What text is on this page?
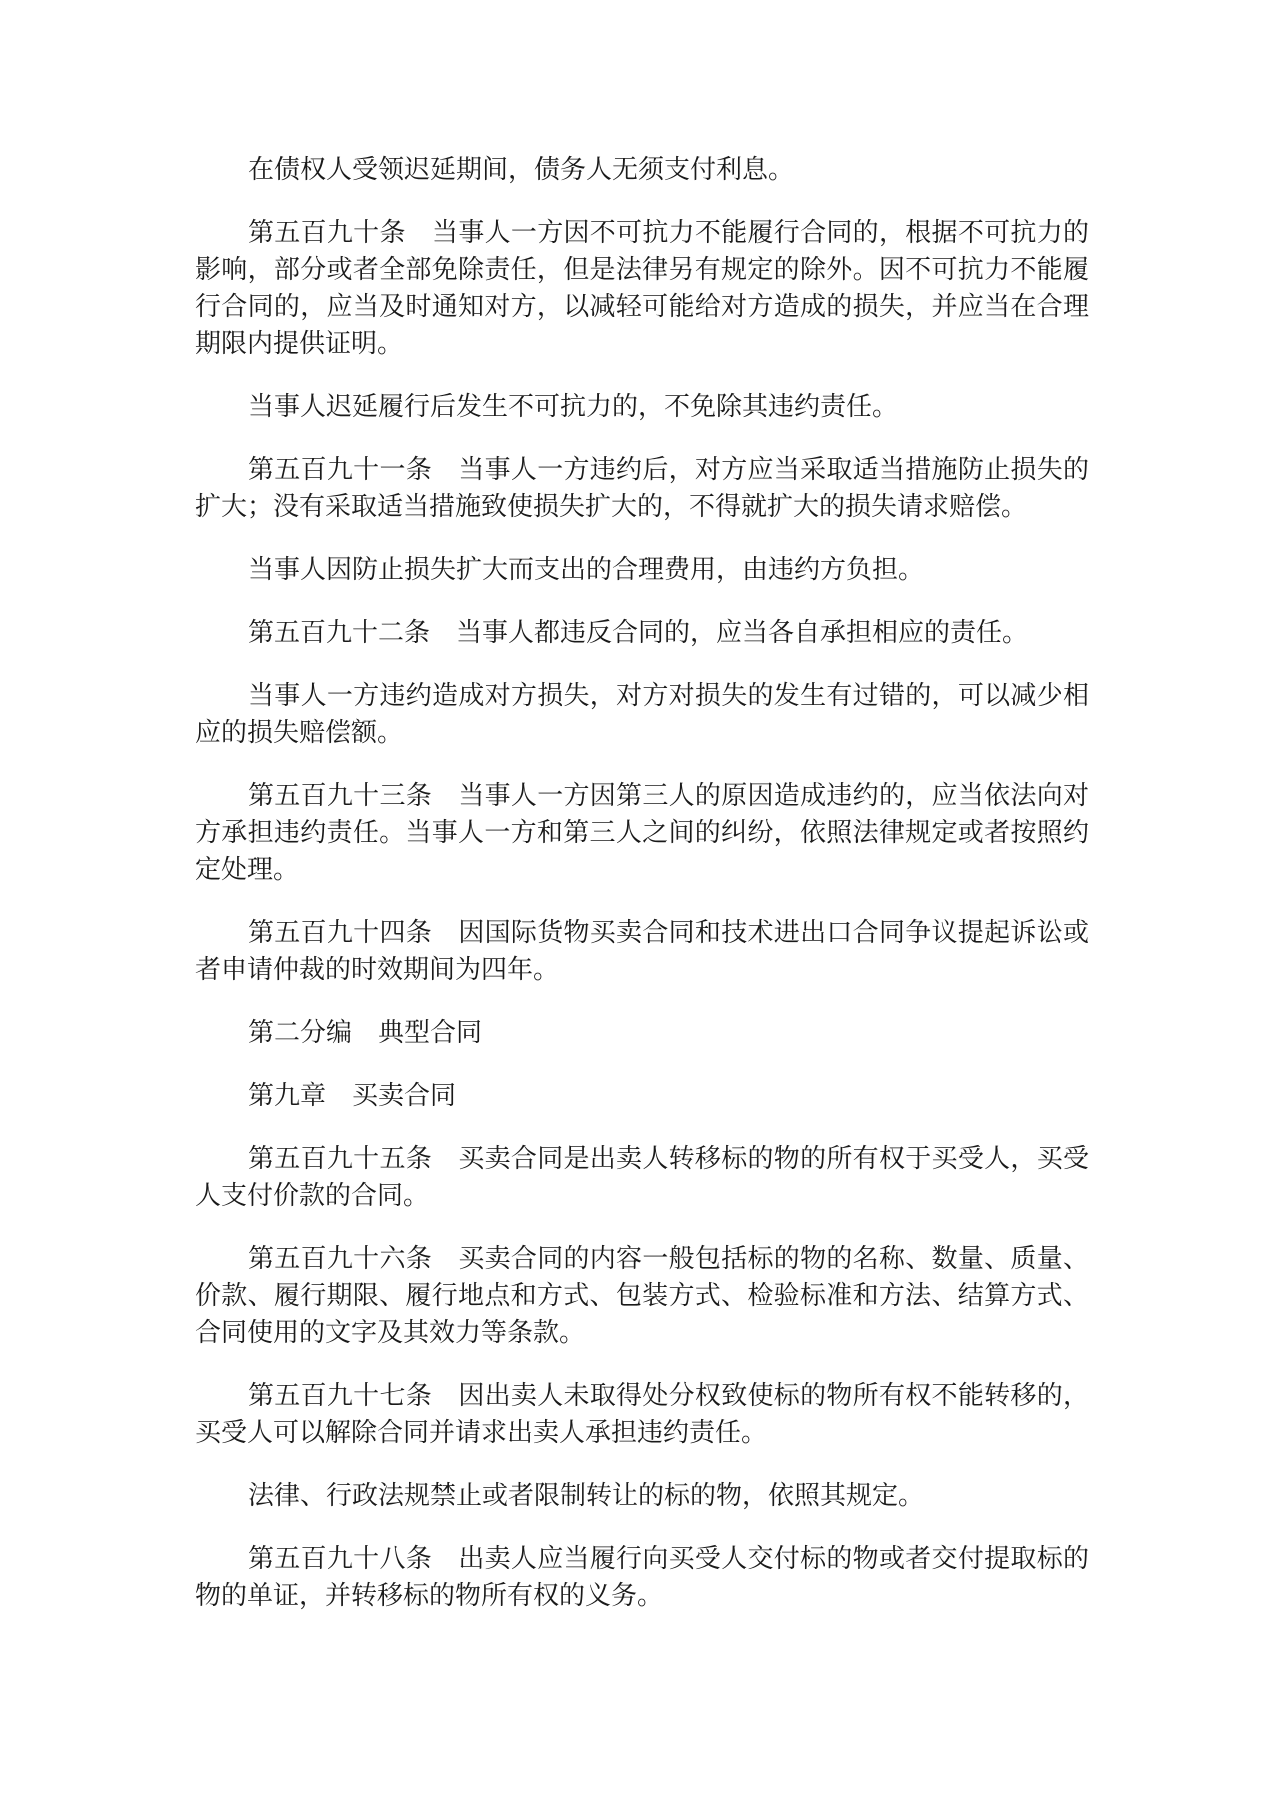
在债权人受领迟延期间，债务人无须支付利息。

第五百九十条　当事人一方因不可抗力不能履行合同的，根据不可抗力的影响，部分或者全部免除责任，但是法律另有规定的除外。因不可抗力不能履行合同的，应当及时通知对方，以减轻可能给对方造成的损失，并应当在合理期限内提供证明。

当事人迟延履行后发生不可抗力的，不免除其违约责任。

第五百九十一条　当事人一方违约后，对方应当采取适当措施防止损失的扩大；没有采取适当措施致使损失扩大的，不得就扩大的损失请求赔偿。

当事人因防止损失扩大而支出的合理费用，由违约方负担。

第五百九十二条　当事人都违反合同的，应当各自承担相应的责任。

当事人一方违约造成对方损失，对方对损失的发生有过错的，可以减少相应的损失赔偿额。

第五百九十三条　当事人一方因第三人的原因造成违约的，应当依法向对方承担违约责任。当事人一方和第三人之间的纠纷，依照法律规定或者按照约定处理。

第五百九十四条　因国际货物买卖合同和技术进出口合同争议提起诉讼或者申请仲裁的时效期间为四年。

第二分编　典型合同

第九章　买卖合同

第五百九十五条　买卖合同是出卖人转移标的物的所有权于买受人，买受人支付价款的合同。

第五百九十六条　买卖合同的内容一般包括标的物的名称、数量、质量、价款、履行期限、履行地点和方式、包装方式、检验标准和方法、结算方式、合同使用的文字及其效力等条款。

第五百九十七条　因出卖人未取得处分权致使标的物所有权不能转移的，买受人可以解除合同并请求出卖人承担违约责任。

法律、行政法规禁止或者限制转让的标的物，依照其规定。

第五百九十八条　出卖人应当履行向买受人交付标的物或者交付提取标的物的单证，并转移标的物所有权的义务。
